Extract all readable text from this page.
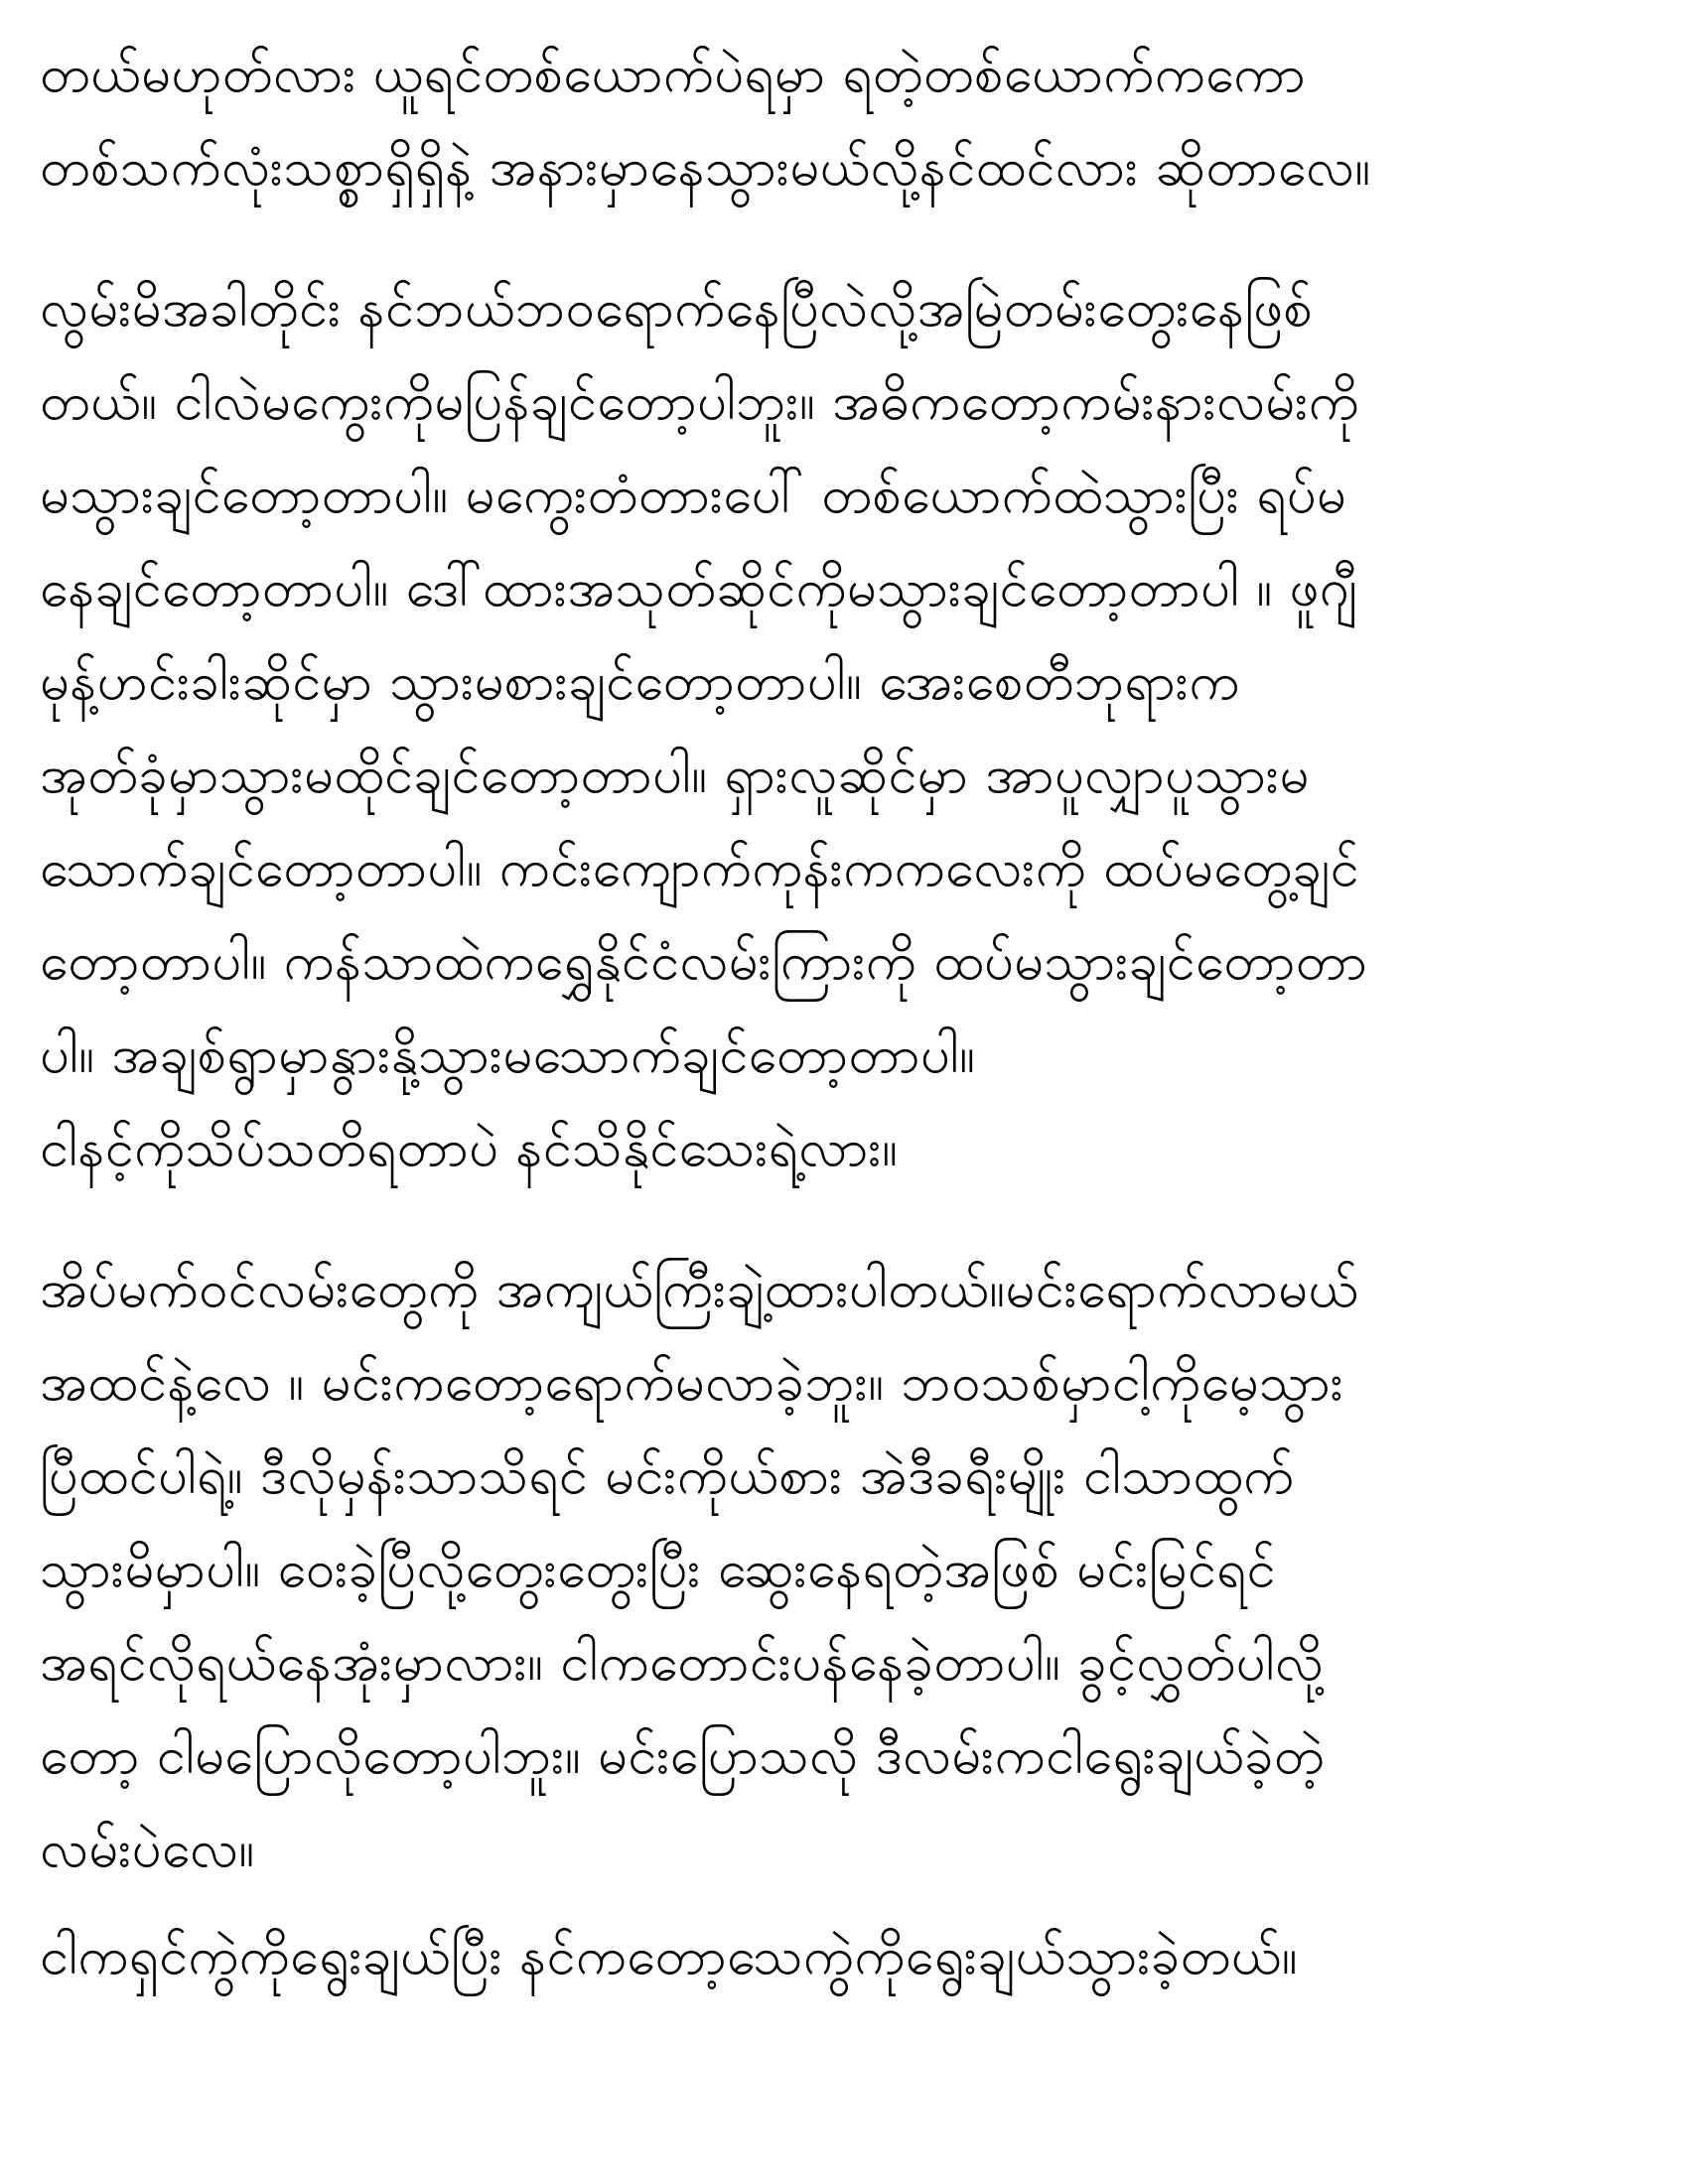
တယ်မဟုတ်လား ယူရင်တစ်ယောက်ပဲရမှာ ရတဲ့တစ်ယောက်ကကော
တစ်သက်လုံးသစ္စာရှိရှိနဲ့ အနားမှာနေသွားမယ်လို့နင်ထင်လား ဆိုတာလေ။
လွမ်းမိအခါတိုင်း နင်ဘယ်ဘဝရောက်နေပြီလဲလို့အမြဲတမ်းတွေးနေဖြစ်
တယ်။ ငါလဲမကွေးကိုမပြန်ချင်တော့ပါဘူး။ အဓိကတော့ကမ်းနားလမ်းကို
မသွားချင်တော့တာပါ။ မကွေးတံတားပေါ် တစ်ယောက်ထဲသွားပြီး ရပ်မ
နေချင်တော့တာပါ။ ဒေါ်ထားအသုတ်ဆိုင်ကိုမသွားချင်တော့တာပါ ။ ဖူဂျီ
မုန့်ဟင်းခါးဆိုင်မှာ သွားမစားချင်တော့တာပါ။ အေးစေတီဘုရားက
အုတ်ခုံမှာသွားမထိုင်ချင်တော့တာပါ။ ရှားလူဆိုင်မှာ အာပူလျှာပူသွားမ
သောက်ချင်တော့တာပါ။ ကင်းကျောက်ကုန်းကကလေးကို ထပ်မတွေ့ချင်
တော့တာပါ။ ကန်သာထဲကရွှေနိုင်ငံလမ်းကြားကို ထပ်မသွားချင်တော့တာ
ပါ။ အချစ်ရွာမှာနွားနို့သွားမသောက်ချင်တော့တာပါ။
ငါနင့်ကိုသိပ်သတိရတာပဲ နင်သိနိုင်သေးရဲ့လား။
အိပ်မက်ဝင်လမ်းတွေကို အကျယ်ကြီးချဲ့ထားပါတယ်။မင်းရောက်လာမယ်
အထင်နဲ့လေ ။ မင်းကတော့ရောက်မလာခဲ့ဘူး။ ဘဝသစ်မှာငါ့ကိုမေ့သွား
ပြီထင်ပါရဲ့။ ဒီလိုမှန်းသာသိရင် မင်းကိုယ်စား အဲဒီခရီးမျိုး ငါသာထွက်
သွားမိမှာပါ။ ဝေးခဲ့ပြီလို့တွေးတွေးပြီး ဆွေးနေရတဲ့အဖြစ် မင်းမြင်ရင်
အရင်လိုရယ်နေအုံးမှာလား။ ငါကတောင်းပန်နေခဲ့တာပါ။ ခွင့်လွှတ်ပါလို့
တော့ ငါမပြောလိုတော့ပါဘူး။ မင်းပြောသလို ဒီလမ်းကငါရွေးချယ်ခဲ့တဲ့
လမ်းပဲလေ။
ငါကရှင်ကွဲကိုရွေးချယ်ပြီး နင်ကတော့သေကွဲကိုရွေးချယ်သွားခဲ့တယ်။
